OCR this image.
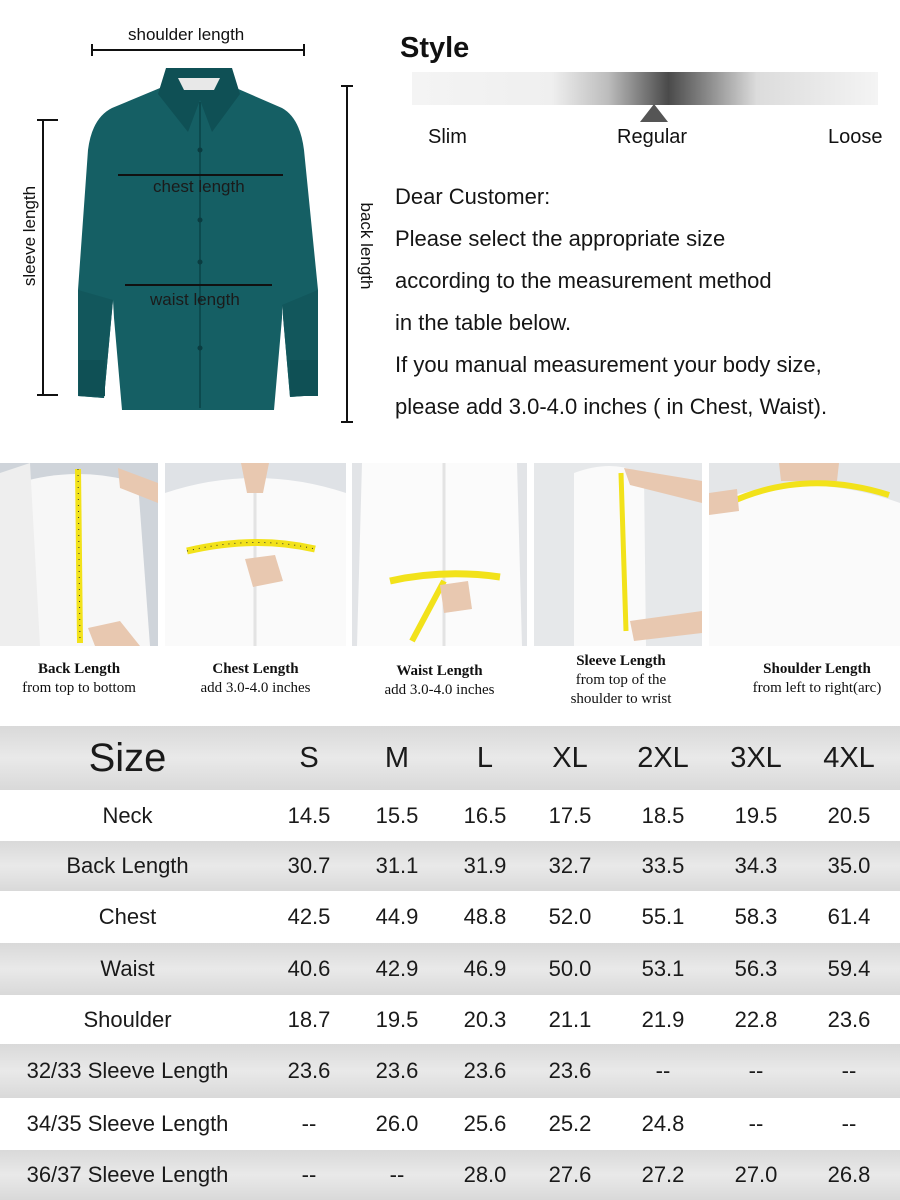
shoulder length
sleeve length	back length
chest length
waist length
Style
Slim	Regular	Loose
Dear Customer:
Please select the appropriate size
according to the measurement method
in the table below.
If you manual measurement your body size,
please add 3.0-4.0 inches ( in Chest, Waist).
Back Length
from top to bottom
Chest Length
add 3.0-4.0 inches
Waist Length
add 3.0-4.0 inches
Sleeve Length
from top of the
shoulder to wrist
Shoulder Length
from left to right(arc)
Size	S	M	L	XL	2XL	3XL	4XL
Neck	14.5	15.5	16.5	17.5	18.5	19.5	20.5
Back Length	30.7	31.1	31.9	32.7	33.5	34.3	35.0
Chest	42.5	44.9	48.8	52.0	55.1	58.3	61.4
Waist	40.6	42.9	46.9	50.0	53.1	56.3	59.4
Shoulder	18.7	19.5	20.3	21.1	21.9	22.8	23.6
32/33 Sleeve Length	23.6	23.6	23.6	23.6	--	--	--
34/35 Sleeve Length	--	26.0	25.6	25.2	24.8	--	--
36/37 Sleeve Length	--	--	28.0	27.6	27.2	27.0	26.8
